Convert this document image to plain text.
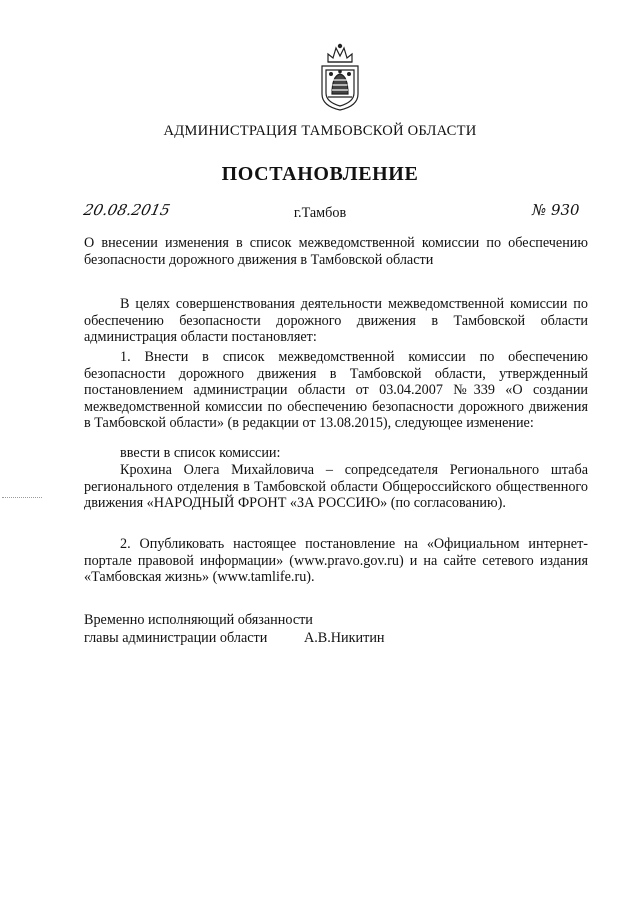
АДМИНИСТРАЦИЯ ТАМБОВСКОЙ ОБЛАСТИ
ПОСТАНОВЛЕНИЕ
20.08.2015	г.Тамбов	№ 930
О внесении изменения в список межведомственной комиссии по обеспечению безопасности дорожного движения в Тамбовской области
В целях совершенствования деятельности межведомственной комиссии по обеспечению безопасности дорожного движения в Тамбовской области администрация области постановляет:
1. Внести в список межведомственной комиссии по обеспечению безопасности дорожного движения в Тамбовской области, утвержденный постановлением администрации области от 03.04.2007 №339 «О создании межведомственной комиссии по обеспечению безопасности дорожного движения в Тамбовской области» (в редакции от 13.08.2015), следующее изменение:
ввести в список комиссии:
Крохина Олега Михайловича – сопредседателя Регионального штаба регионального отделения в Тамбовской области Общероссийского общественного движения «НАРОДНЫЙ ФРОНТ «ЗА РОССИЮ» (по согласованию).
2. Опубликовать настоящее постановление на «Официальном интернет-портале правовой информации» (www.pravo.gov.ru) и на сайте сетевого издания «Тамбовская жизнь» (www.tamlife.ru).
Временно исполняющий обязанности
главы администрации области	А.В.Никитин
